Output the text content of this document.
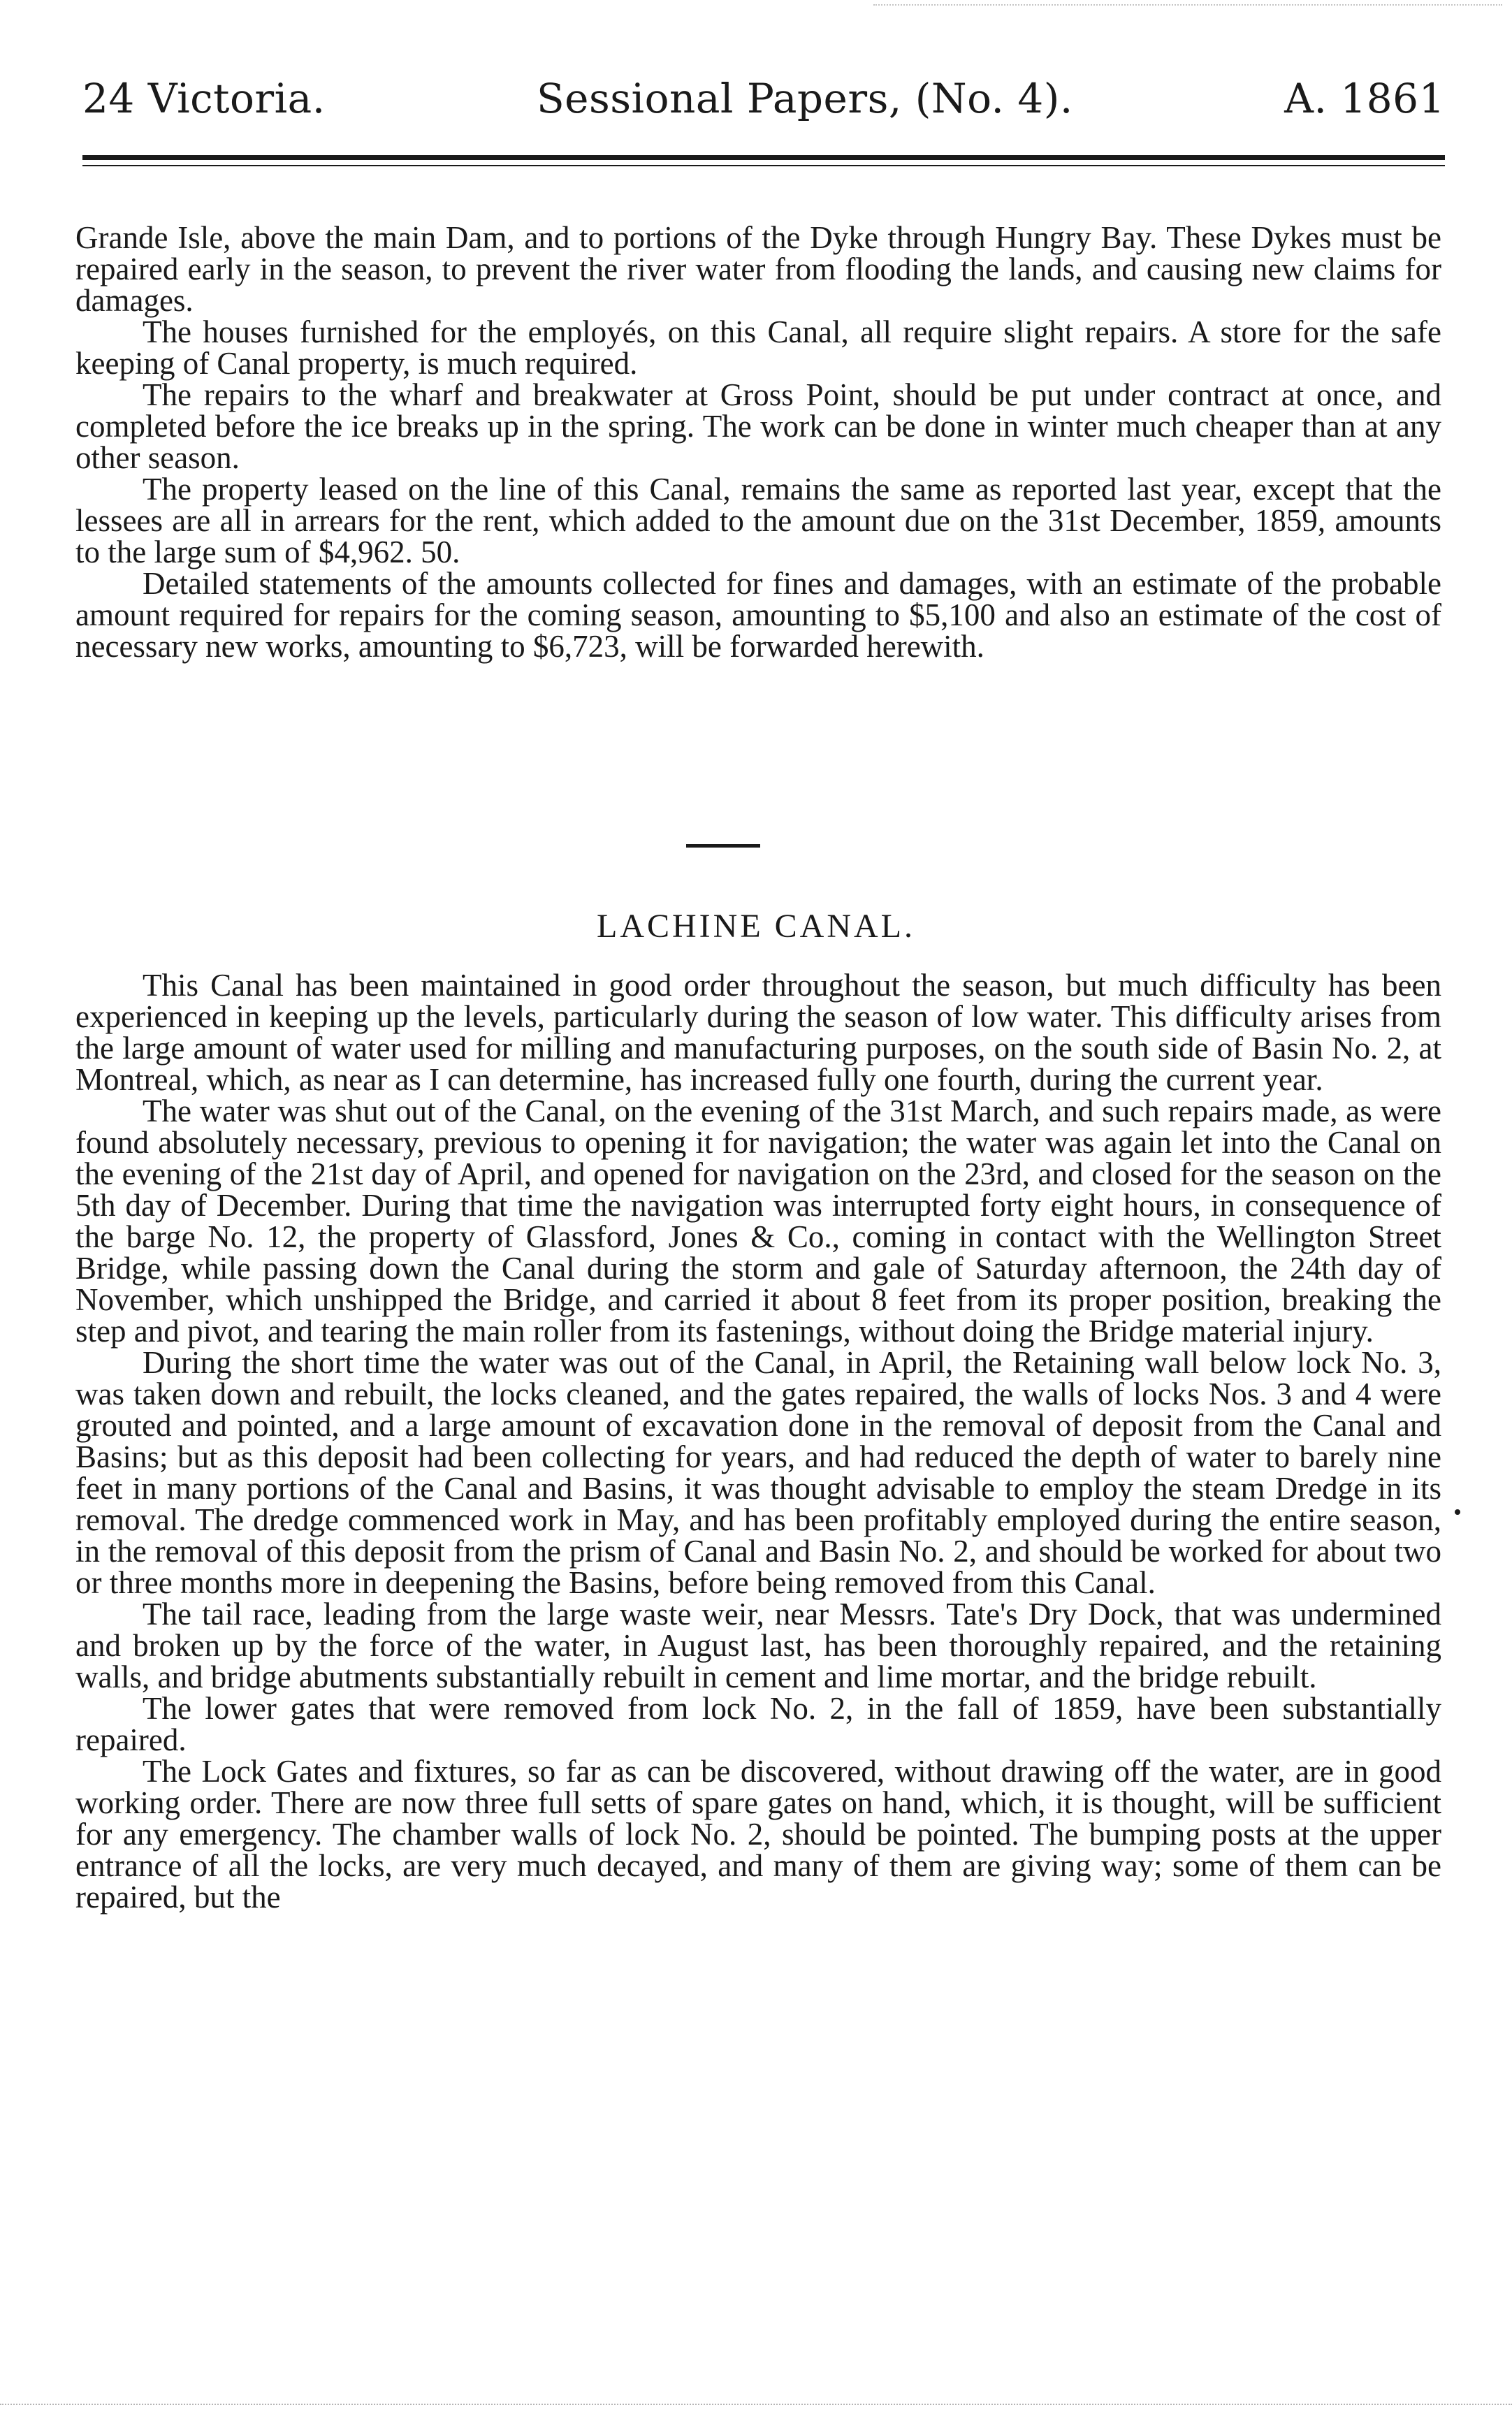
24 Victoria.	Sessional Papers, (No. 4).	A. 1861

Grande Isle, above the main Dam, and to portions of the Dyke through Hungry Bay. These Dykes must be repaired early in the season, to prevent the river water from flooding the lands, and causing new claims for damages.

The houses furnished for the employés, on this Canal, all require slight repairs. A store for the safe keeping of Canal property, is much required.

The repairs to the wharf and breakwater at Gross Point, should be put under contract at once, and completed before the ice breaks up in the spring. The work can be done in winter much cheaper than at any other season.

The property leased on the line of this Canal, remains the same as reported last year, except that the lessees are all in arrears for the rent, which added to the amount due on the 31st December, 1859, amounts to the large sum of $4,962. 50.

Detailed statements of the amounts collected for fines and damages, with an estimate of the probable amount required for repairs for the coming season, amounting to $5,100 and also an estimate of the cost of necessary new works, amounting to $6,723, will be forwarded herewith.

LACHINE CANAL.

This Canal has been maintained in good order throughout the season, but much difficulty has been experienced in keeping up the levels, particularly during the season of low water. This difficulty arises from the large amount of water used for milling and manufacturing purposes, on the south side of Basin No. 2, at Montreal, which, as near as I can determine, has increased fully one fourth, during the current year.

The water was shut out of the Canal, on the evening of the 31st March, and such repairs made, as were found absolutely necessary, previous to opening it for navigation; the water was again let into the Canal on the evening of the 21st day of April, and opened for navigation on the 23rd, and closed for the season on the 5th day of December. During that time the navigation was interrupted forty eight hours, in consequence of the barge No. 12, the property of Glassford, Jones & Co., coming in contact with the Wellington Street Bridge, while passing down the Canal during the storm and gale of Saturday afternoon, the 24th day of November, which unshipped the Bridge, and carried it about 8 feet from its proper position, breaking the step and pivot, and tearing the main roller from its fastenings, without doing the Bridge material injury.

During the short time the water was out of the Canal, in April, the Retaining wall below lock No. 3, was taken down and rebuilt, the locks cleaned, and the gates repaired, the walls of locks Nos. 3 and 4 were grouted and pointed, and a large amount of excavation done in the removal of deposit from the Canal and Basins; but as this deposit had been collecting for years, and had reduced the depth of water to barely nine feet in many portions of the Canal and Basins, it was thought advisable to employ the steam Dredge in its removal. The dredge commenced work in May, and has been profitably employed during the entire season, in the removal of this deposit from the prism of Canal and Basin No. 2, and should be worked for about two or three months more in deepening the Basins, before being removed from this Canal.

The tail race, leading from the large waste weir, near Messrs. Tate's Dry Dock, that was undermined and broken up by the force of the water, in August last, has been thoroughly repaired, and the retaining walls, and bridge abutments substantially rebuilt in cement and lime mortar, and the bridge rebuilt.

The lower gates that were removed from lock No. 2, in the fall of 1859, have been substantially repaired.

The Lock Gates and fixtures, so far as can be discovered, without drawing off the water, are in good working order. There are now three full setts of spare gates on hand, which, it is thought, will be sufficient for any emergency. The chamber walls of lock No. 2, should be pointed. The bumping posts at the upper entrance of all the locks, are very much decayed, and many of them are giving way; some of them can be repaired, but the
